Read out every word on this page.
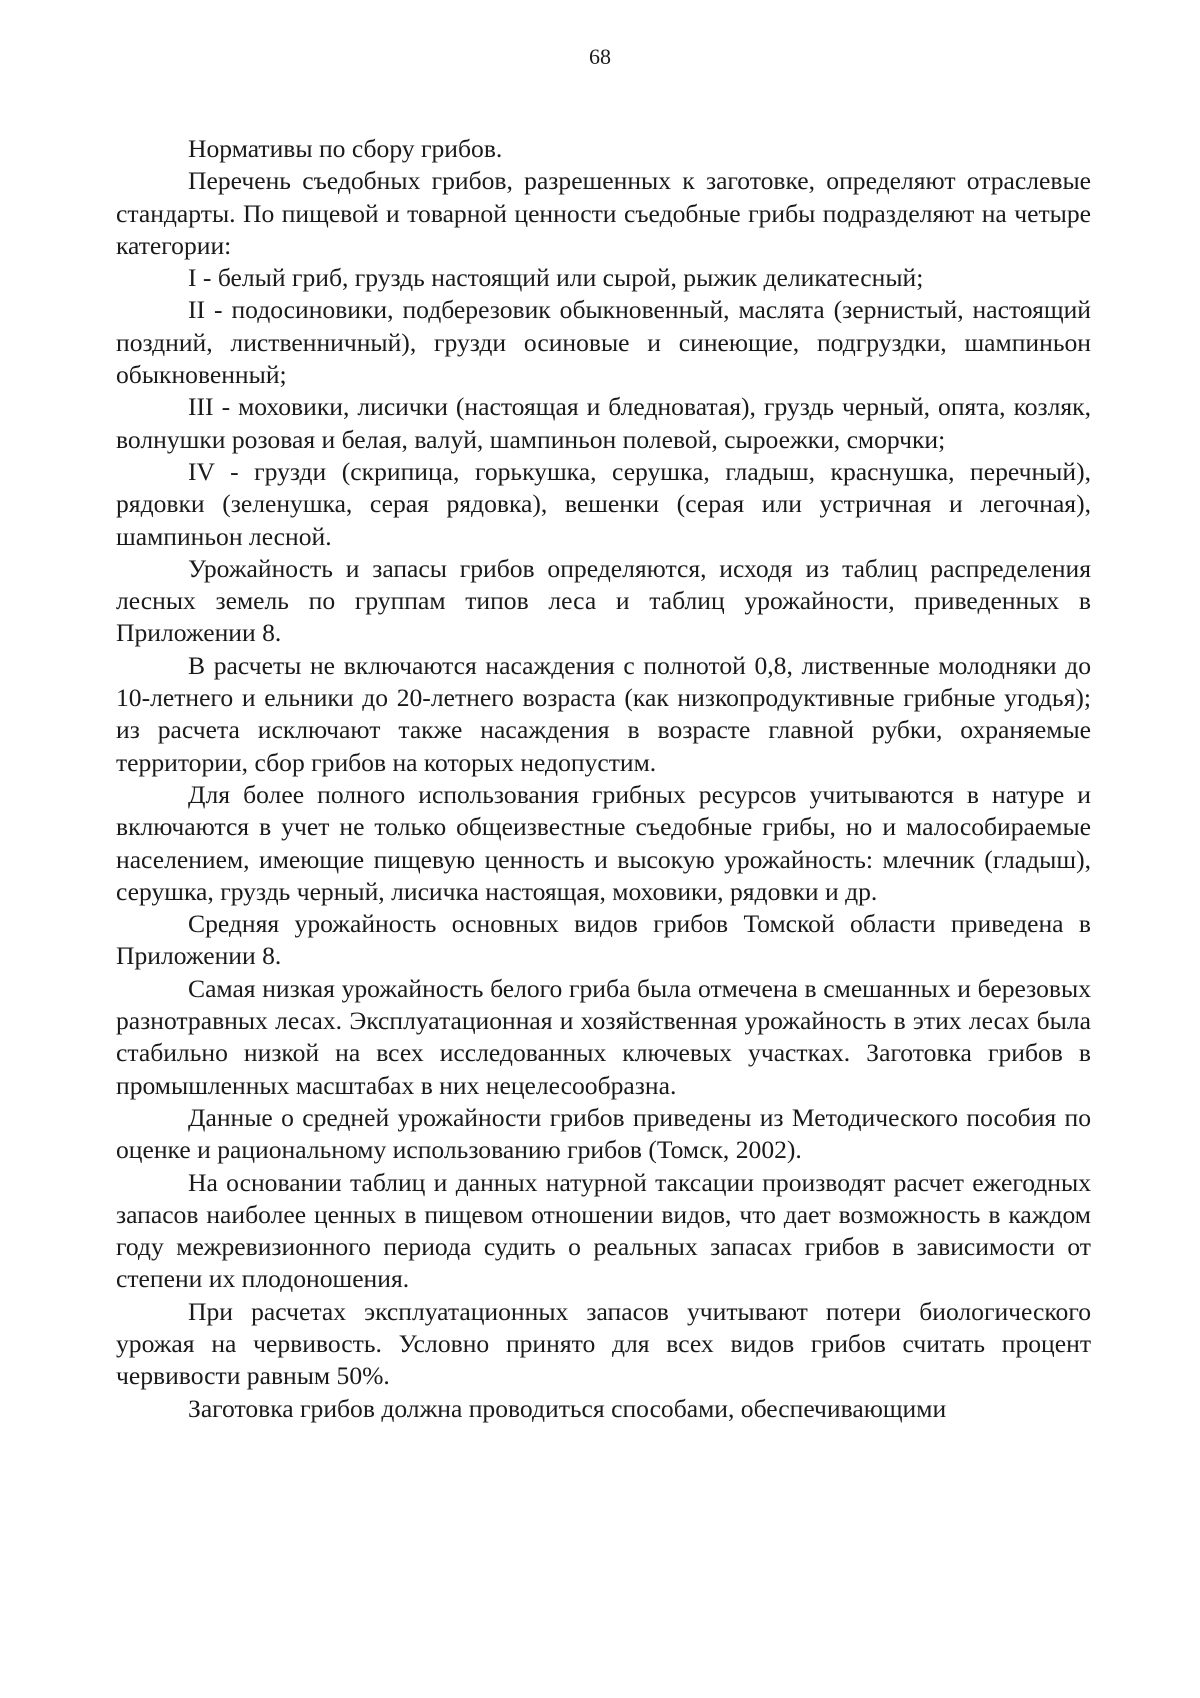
68

Нормативы по сбору грибов.

Перечень съедобных грибов, разрешенных к заготовке, определяют отраслевые стандарты. По пищевой и товарной ценности съедобные грибы подразделяют на четыре категории:

I - белый гриб, груздь настоящий или сырой, рыжик деликатесный;

II - подосиновики, подберезовик обыкновенный, маслята (зернистый, настоящий поздний, лиственничный), грузди осиновые и синеющие, подгруздки, шампиньон обыкновенный;

III - моховики, лисички (настоящая и бледноватая), груздь черный, опята, козляк, волнушки розовая и белая, валуй, шампиньон полевой, сыроежки, сморчки;

IV - грузди (скрипица, горькушка, серушка, гладыш, краснушка, перечный), рядовки (зеленушка, серая рядовка), вешенки (серая или устричная и легочная), шампиньон лесной.

Урожайность и запасы грибов определяются, исходя из таблиц распределения лесных земель по группам типов леса и таблиц урожайности, приведенных в Приложении 8.

В расчеты не включаются насаждения с полнотой 0,8, лиственные молодняки до 10-летнего и ельники до 20-летнего возраста (как низкопродуктивные грибные угодья); из расчета исключают также насаждения в возрасте главной рубки, охраняемые территории, сбор грибов на которых недопустим.

Для более полного использования грибных ресурсов учитываются в натуре и включаются в учет не только общеизвестные съедобные грибы, но и малособираемые населением, имеющие пищевую ценность и высокую урожайность: млечник (гладыш), серушка, груздь черный, лисичка настоящая, моховики, рядовки и др.

Средняя урожайность основных видов грибов Томской области приведена в Приложении 8.

Самая низкая урожайность белого гриба была отмечена в смешанных и березовых разнотравных лесах. Эксплуатационная и хозяйственная урожайность в этих лесах была стабильно низкой на всех исследованных ключевых участках. Заготовка грибов в промышленных масштабах в них нецелесообразна.

Данные о средней урожайности грибов приведены из Методического пособия по оценке и рациональному использованию грибов (Томск, 2002).

На основании таблиц и данных натурной таксации производят расчет ежегодных запасов наиболее ценных в пищевом отношении видов, что дает возможность в каждом году межревизионного периода судить о реальных запасах грибов в зависимости от степени их плодоношения.

При расчетах эксплуатационных запасов учитывают потери биологического урожая на червивость. Условно принято для всех видов грибов считать процент червивости равным 50%.

Заготовка грибов должна проводиться способами, обеспечивающими
